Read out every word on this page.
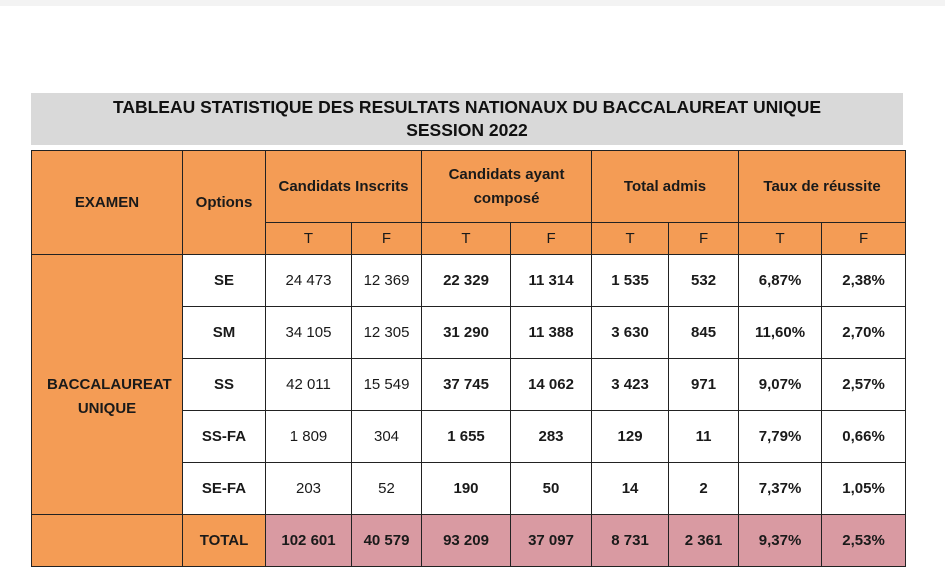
TABLEAU STATISTIQUE DES RESULTATS NATIONAUX DU BACCALAUREAT UNIQUE
SESSION 2022
EXAMEN	Options	Candidats Inscrits		Candidats ayant composé		Total admis		Taux de réussite	
		T	F	T	F	T	F	T	F

BACCALAUREAT UNIQUE	SE	24 473	12 369	22 329	11 314	1 535	532	6,87%	2,38%
	SM	34 105	12 305	31 290	11 388	3 630	845	11,60%	2,70%
	SS	42 011	15 549	37 745	14 062	3 423	971	9,07%	2,57%
	SS-FA	1 809	304	1 655	283	129	11	7,79%	0,66%
	SE-FA	203	52	190	50	14	2	7,37%	1,05%
	TOTAL	102 601	40 579	93 209	37 097	8 731	2 361	9,37%	2,53%
